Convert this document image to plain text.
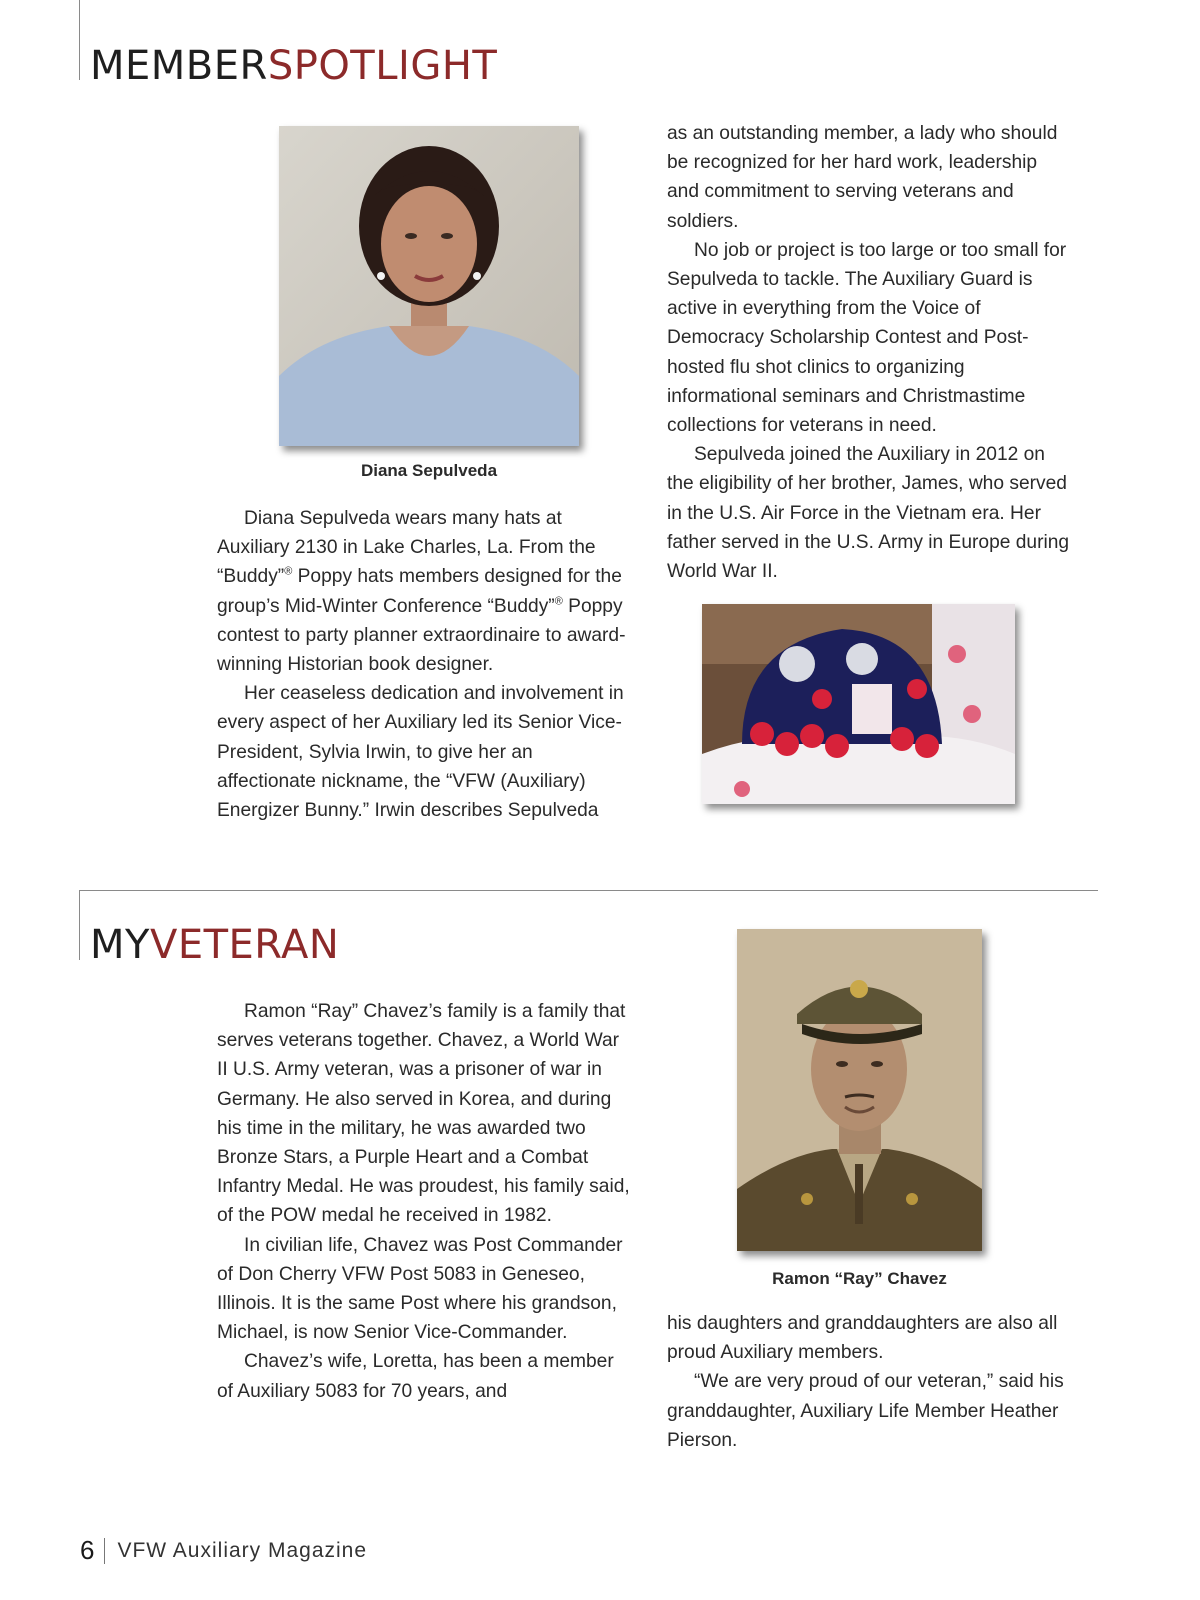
MEMBERSPOTLIGHT
Diana Sepulveda

Diana Sepulveda wears many hats at Auxiliary 2130 in Lake Charles, La. From the “Buddy”® Poppy hats members designed for the group’s Mid-Winter Conference “Buddy”® Poppy contest to party planner extraordinaire to award-winning Historian book designer.

Her ceaseless dedication and involvement in every aspect of her Auxiliary led its Senior Vice-President, Sylvia Irwin, to give her an affectionate nickname, the “VFW (Auxiliary) Energizer Bunny.” Irwin describes Sepulveda

as an outstanding member, a lady who should be recognized for her hard work, leadership and commitment to serving veterans and soldiers.

No job or project is too large or too small for Sepulveda to tackle. The Auxiliary Guard is active in everything from the Voice of Democracy Scholarship Contest and Post-hosted flu shot clinics to organizing informational seminars and Christmastime collections for veterans in need.

Sepulveda joined the Auxiliary in 2012 on the eligibility of her brother, James, who served in the U.S. Air Force in the Vietnam era. Her father served in the U.S. Army in Europe during World War II.

MYVETERAN

Ramon “Ray” Chavez’s family is a family that serves veterans together. Chavez, a World War II U.S. Army veteran, was a prisoner of war in Germany. He also served in Korea, and during his time in the military, he was awarded two Bronze Stars, a Purple Heart and a Combat Infantry Medal. He was proudest, his family said, of the POW medal he received in 1982.

In civilian life, Chavez was Post Commander of Don Cherry VFW Post 5083 in Geneseo, Illinois. It is the same Post where his grandson, Michael, is now Senior Vice-Commander.

Chavez’s wife, Loretta, has been a member of Auxiliary 5083 for 70 years, and

Ramon “Ray” Chavez

his daughters and granddaughters are also all proud Auxiliary members.

“We are very proud of our veteran,” said his granddaughter, Auxiliary Life Member Heather Pierson.

6 VFW Auxiliary Magazine
